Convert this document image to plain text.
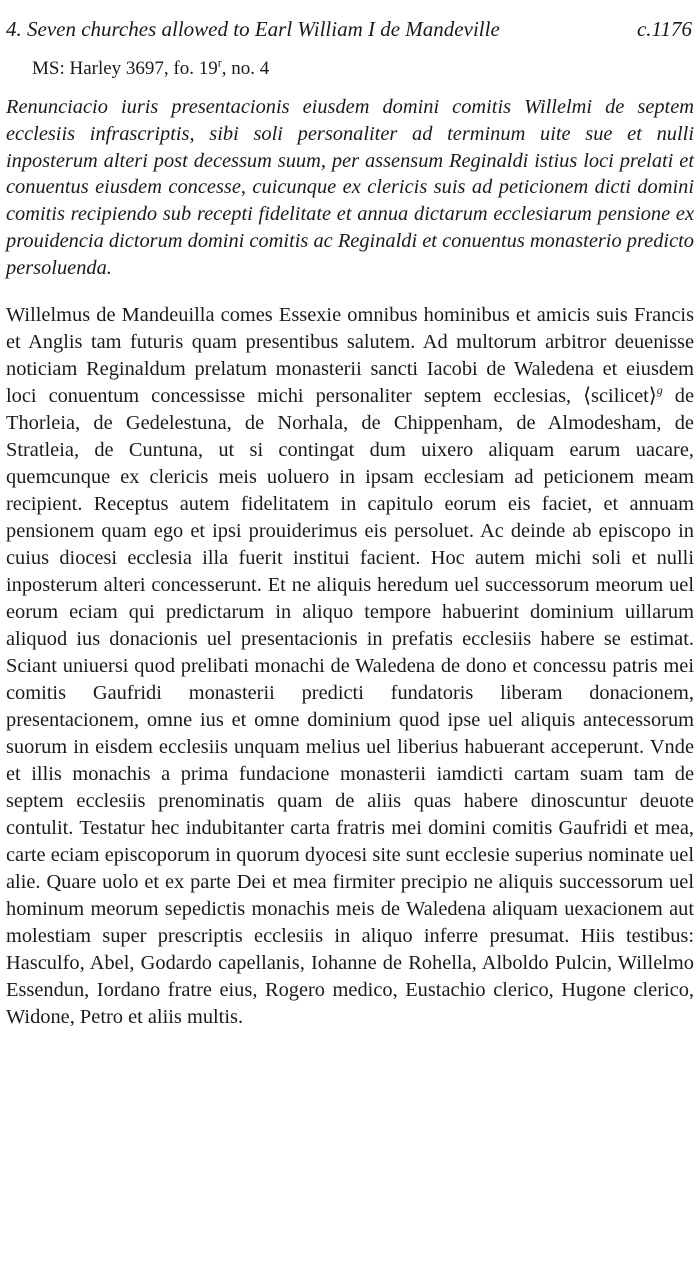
4. Seven churches allowed to Earl William I de Mandeville	c.1176
MS: Harley 3697, fo. 19$^r$, no. 4
Renunciacio iuris presentacionis eiusdem domini comitis Willelmi de septem ecclesiis infrascriptis, sibi soli personaliter ad terminum uite sue et nulli inposterum alteri post decessum suum, per assensum Reginaldi istius loci prelati et conuentus eiusdem concesse, cuicunque ex clericis suis ad peticionem dicti domini comitis recipiendo sub recepti fidelitate et annua dictarum ecclesiarum pensione ex prouidencia dictorum domini comitis ac Reginaldi et conuentus monasterio predicto persoluenda.
Willelmus de Mandeuilla comes Essexie omnibus hominibus et amicis suis Francis et Anglis tam futuris quam presentibus salutem. Ad multorum arbitror deuenisse noticiam Reginaldum prelatum monasterii sancti Iacobi de Waledena et eiusdem loci conuentum concessisse michi personaliter septem ecclesias, ⟨scilicet⟩$^g$ de Thorleia, de Gedelestuna, de Norhala, de Chippenham, de Almodesham, de Stratleia, de Cuntuna, ut si contingat dum uixero aliquam earum uacare, quemcunque ex clericis meis uoluero in ipsam ecclesiam ad peticionem meam recipient. Receptus autem fidelitatem in capitulo eorum eis faciet, et annuam pensionem quam ego et ipsi prouiderimus eis persoluet. Ac deinde ab episcopo in cuius diocesi ecclesia illa fuerit institui facient. Hoc autem michi soli et nulli inposterum alteri concesserunt. Et ne aliquis heredum uel successorum meorum uel eorum eciam qui predictarum in aliquo tempore habuerint dominium uillarum aliquod ius donacionis uel presentacionis in prefatis ecclesiis habere se estimat. Sciant uniuersi quod prelibati monachi de Waledena de dono et concessu patris mei comitis Gaufridi monasterii predicti fundatoris liberam donacionem, presentacionem, omne ius et omne dominium quod ipse uel aliquis antecessorum suorum in eisdem ecclesiis unquam melius uel liberius habuerant acceperunt. Vnde et illis monachis a prima fundacione monasterii iamdicti cartam suam tam de septem ecclesiis prenominatis quam de aliis quas habere dinoscuntur deuote contulit. Testatur hec indubitanter carta fratris mei domini comitis Gaufridi et mea, carte eciam episcoporum in quorum dyocesi site sunt ecclesie superius nominate uel alie. Quare uolo et ex parte Dei et mea firmiter precipio ne aliquis successorum uel hominum meorum sepedictis monachis meis de Waledena aliquam uexacionem aut molestiam super prescriptis ecclesiis in aliquo inferre presumat. Hiis testibus: Hasculfo, Abel, Godardo capellanis, Iohanne de Rohella, Alboldo Pulcin, Willelmo Essendun, Iordano fratre eius, Rogero medico, Eustachio clerico, Hugone clerico, Widone, Petro et aliis multis.
